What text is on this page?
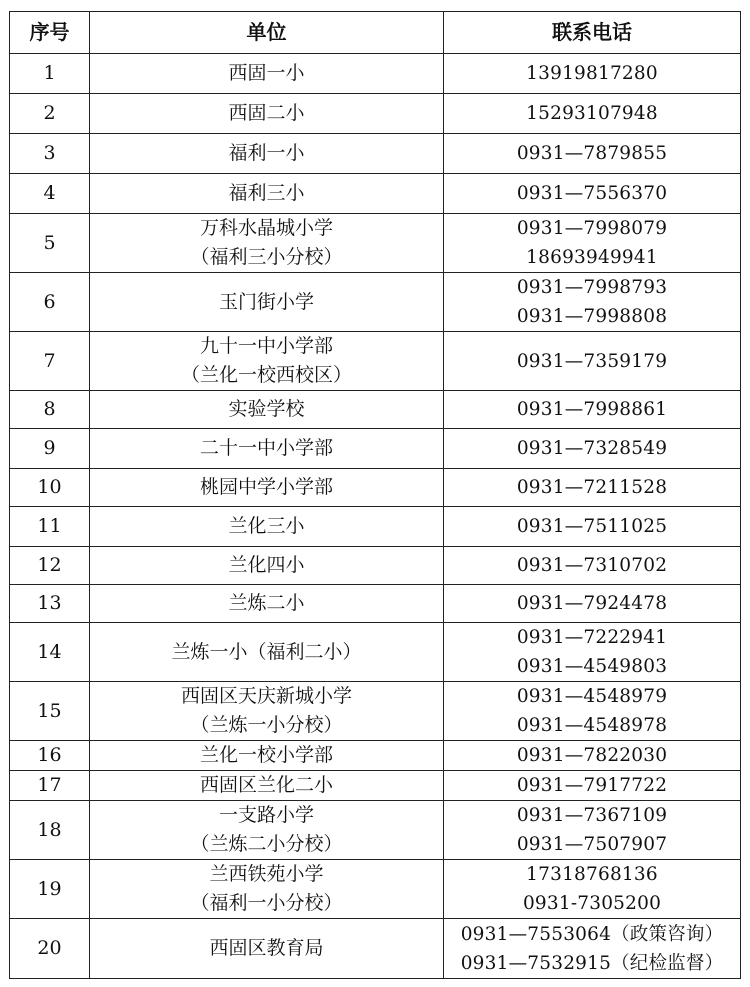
序号	单位	联系电话
1	西固一小	13919817280

2	西固二小	15293107948

3	福利一小	0931—7879855

4	福利三小	0931—7556370

5	万科水晶城小学
（福利三小分校）	0931—7998079
18693949941

6	玉门街小学	0931—7998793
0931—7998808

7	九十一中小学部
（兰化一校西校区）	0931—7359179

8	实验学校	0931—7998861

9	二十一中小学部	0931—7328549

10	桃园中学小学部	0931—7211528

11	兰化三小	0931—7511025

12	兰化四小	0931—7310702

13	兰炼二小	0931—7924478

14	兰炼一小（福利二小）	0931—7222941
0931—4549803

15	西固区天庆新城小学
（兰炼一小分校）	0931—4548979
0931—4548978

16	兰化一校小学部	0931—7822030

17	西固区兰化二小	0931—7917722

18	一支路小学
（兰炼二小分校）	0931—7367109
0931—7507907

19	兰西铁苑小学
（福利一小分校）	17318768136
0931-7305200

20	西固区教育局	0931—7553064（政策咨询）
0931—7532915（纪检监督）
